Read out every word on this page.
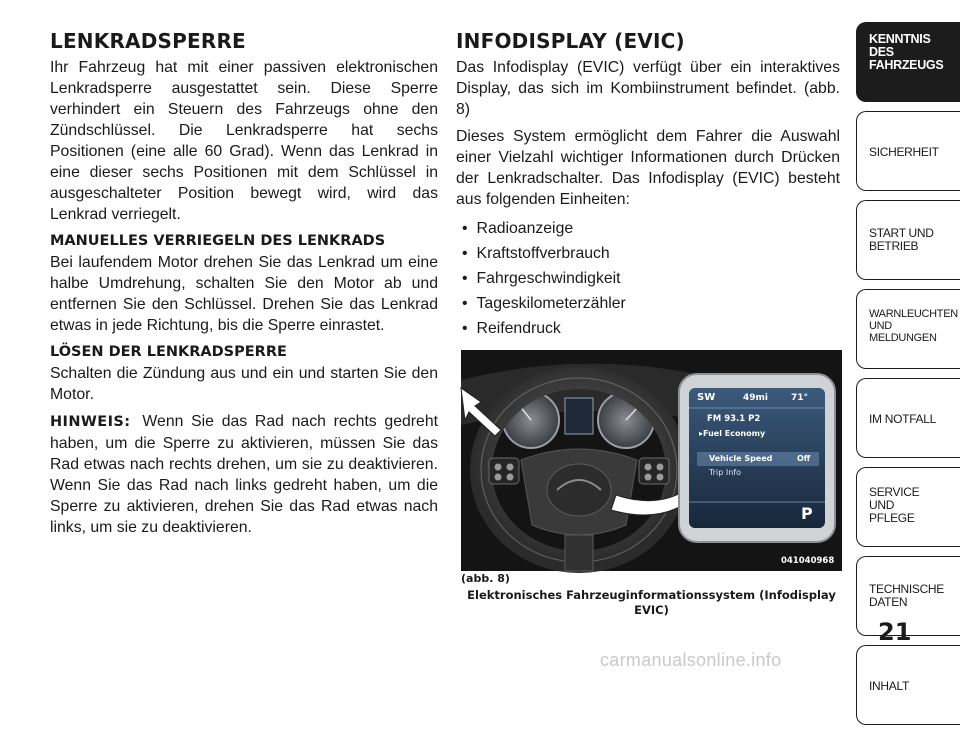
LENKRADSPERRE

Ihr Fahrzeug hat mit einer passiven elektronischen Lenkradsperre ausgestattet sein. Diese Sperre verhindert ein Steuern des Fahrzeugs ohne den Zündschlüssel. Die Lenkradsperre hat sechs Positionen (eine alle 60 Grad). Wenn das Lenkrad in eine dieser sechs Positionen mit dem Schlüssel in ausgeschalteter Position bewegt wird, wird das Lenkrad verriegelt.

MANUELLES VERRIEGELN DES LENKRADS

Bei laufendem Motor drehen Sie das Lenkrad um eine halbe Umdrehung, schalten Sie den Motor ab und entfernen Sie den Schlüssel. Drehen Sie das Lenkrad etwas in jede Richtung, bis die Sperre einrastet.

LÖSEN DER LENKRADSPERRE

Schalten die Zündung aus und ein und starten Sie den Motor.

HINWEIS: Wenn Sie das Rad nach rechts gedreht haben, um die Sperre zu aktivieren, müssen Sie das Rad etwas nach rechts drehen, um sie zu deaktivieren. Wenn Sie das Rad nach links gedreht haben, um die Sperre zu aktivieren, drehen Sie das Rad etwas nach links, um sie zu deaktivieren.

INFODISPLAY (EVIC)

Das Infodisplay (EVIC) verfügt über ein interaktives Display, das sich im Kombiinstrument befindet. (abb. 8)

Dieses System ermöglicht dem Fahrer die Auswahl einer Vielzahl wichtiger Informationen durch Drücken der Lenkradschalter. Das Infodisplay (EVIC) besteht aus folgenden Einheiten:

• Radioanzeige
• Kraftstoffverbrauch
• Fahrgeschwindigkeit
• Tageskilometerzähler
• Reifendruck
SW	49mi	71°
FM 93.1 P2
▸Fuel Economy
Vehicle Speed	Off
Trip Info
P
041040968
(abb. 8)
Elektronisches Fahrzeuginformationssystem (Infodisplay EVIC)
KENNTNIS
DES
FAHRZEUGS
SICHERHEIT
START UND
BETRIEB
WARNLEUCHTEN
UND
MELDUNGEN
IM NOTFALL
SERVICE
UND
PFLEGE
TECHNISCHE
DATEN
INHALT
21
carmanualsonline.info
